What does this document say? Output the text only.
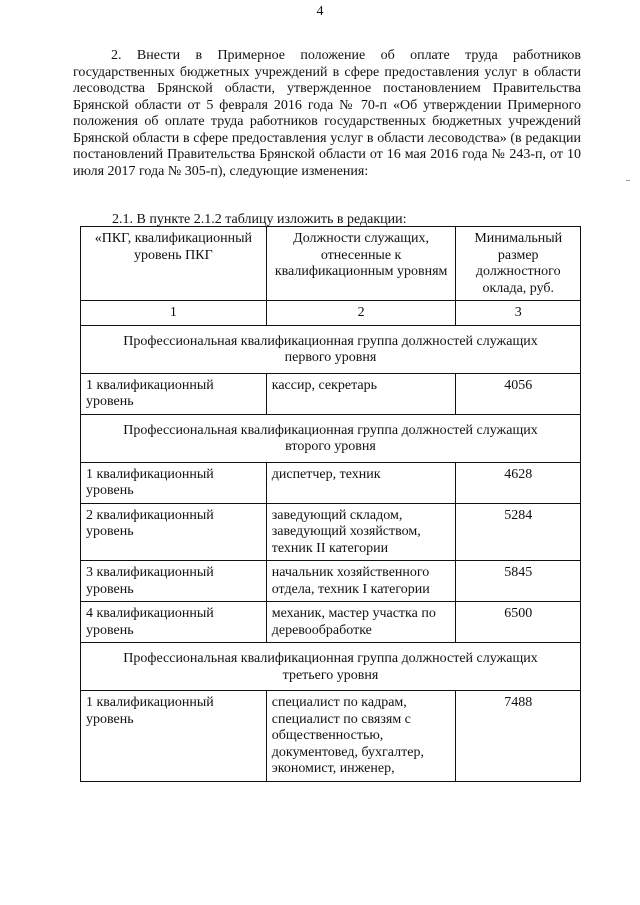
4

2. Внести в Примерное положение об оплате труда работников государственных бюджетных учреждений в сфере предоставления услуг в области лесоводства Брянской области, утвержденное постановлением Правительства Брянской области от 5 февраля 2016 года № 70-п «Об утверждении Примерного положения об оплате труда работников государственных бюджетных учреждений Брянской области в сфере предоставления услуг в области лесоводства» (в редакции постановлений Правительства Брянской области от 16 мая 2016 года № 243-п, от 10 июля 2017 года № 305-п), следующие изменения:

2.1. В пункте 2.1.2 таблицу изложить в редакции:
«ПКГ, квалификационный уровень ПКГ	Должности служащих, отнесенные к квалификационным уровням	Минимальный размер должностного оклада, руб.
1	2	3
Профессиональная квалификационная группа должностей служащих первого уровня		
1 квалификационный уровень	кассир, секретарь	4056
Профессиональная квалификационная группа должностей служащих второго уровня		
1 квалификационный уровень	диспетчер, техник	4628
2 квалификационный уровень	заведующий складом, заведующий хозяйством, техник II категории	5284
3 квалификационный уровень	начальник хозяйственного отдела, техник I категории	5845
4 квалификационный уровень	механик, мастер участка по деревообработке	6500
Профессиональная квалификационная группа должностей служащих третьего уровня		
1 квалификационный уровень	специалист по кадрам, специалист по связям с общественностью, документовед, бухгалтер, экономист, инженер,	7488
